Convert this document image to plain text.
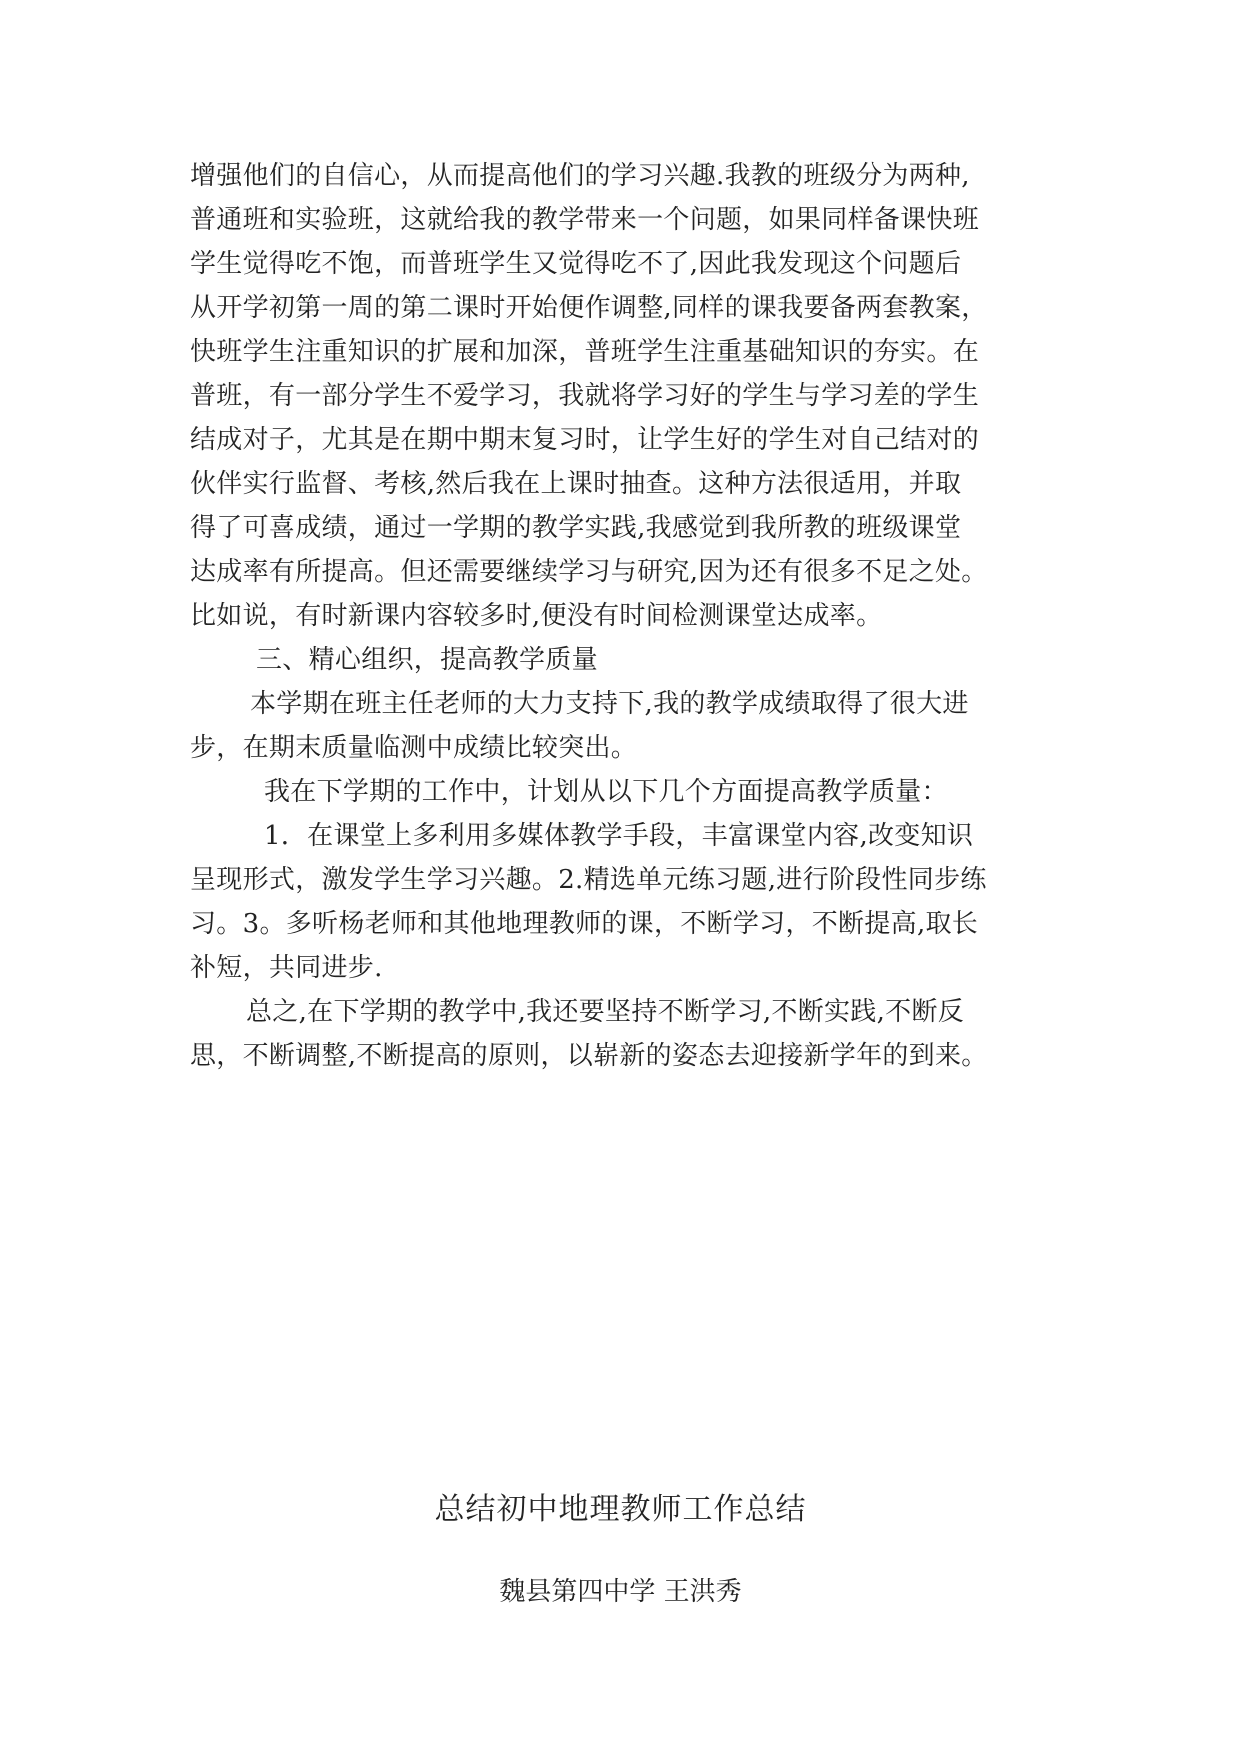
增强他们的自信心，从而提高他们的学习兴趣.我教的班级分为两种,
普通班和实验班，这就给我的教学带来一个问题，如果同样备课快班
学生觉得吃不饱，而普班学生又觉得吃不了,因此我发现这个问题后
从开学初第一周的第二课时开始便作调整,同样的课我要备两套教案，
快班学生注重知识的扩展和加深，普班学生注重基础知识的夯实。在
普班，有一部分学生不爱学习，我就将学习好的学生与学习差的学生
结成对子，尤其是在期中期末复习时，让学生好的学生对自己结对的
伙伴实行监督、考核,然后我在上课时抽查。这种方法很适用，并取
得了可喜成绩，通过一学期的教学实践,我感觉到我所教的班级课堂
达成率有所提高。但还需要继续学习与研究,因为还有很多不足之处。
比如说，有时新课内容较多时,便没有时间检测课堂达成率。
三、精心组织，提高教学质量
本学期在班主任老师的大力支持下,我的教学成绩取得了很大进
步，在期末质量临测中成绩比较突出。
我在下学期的工作中，计划从以下几个方面提高教学质量：
1．在课堂上多利用多媒体教学手段，丰富课堂内容,改变知识
呈现形式，激发学生学习兴趣。2.精选单元练习题,进行阶段性同步练
习。3。多听杨老师和其他地理教师的课，不断学习，不断提高,取长
补短，共同进步.
总之,在下学期的教学中,我还要坚持不断学习,不断实践,不断反
思，不断调整,不断提高的原则，以崭新的姿态去迎接新学年的到来。
总结初中地理教师工作总结
魏县第四中学 王洪秀
